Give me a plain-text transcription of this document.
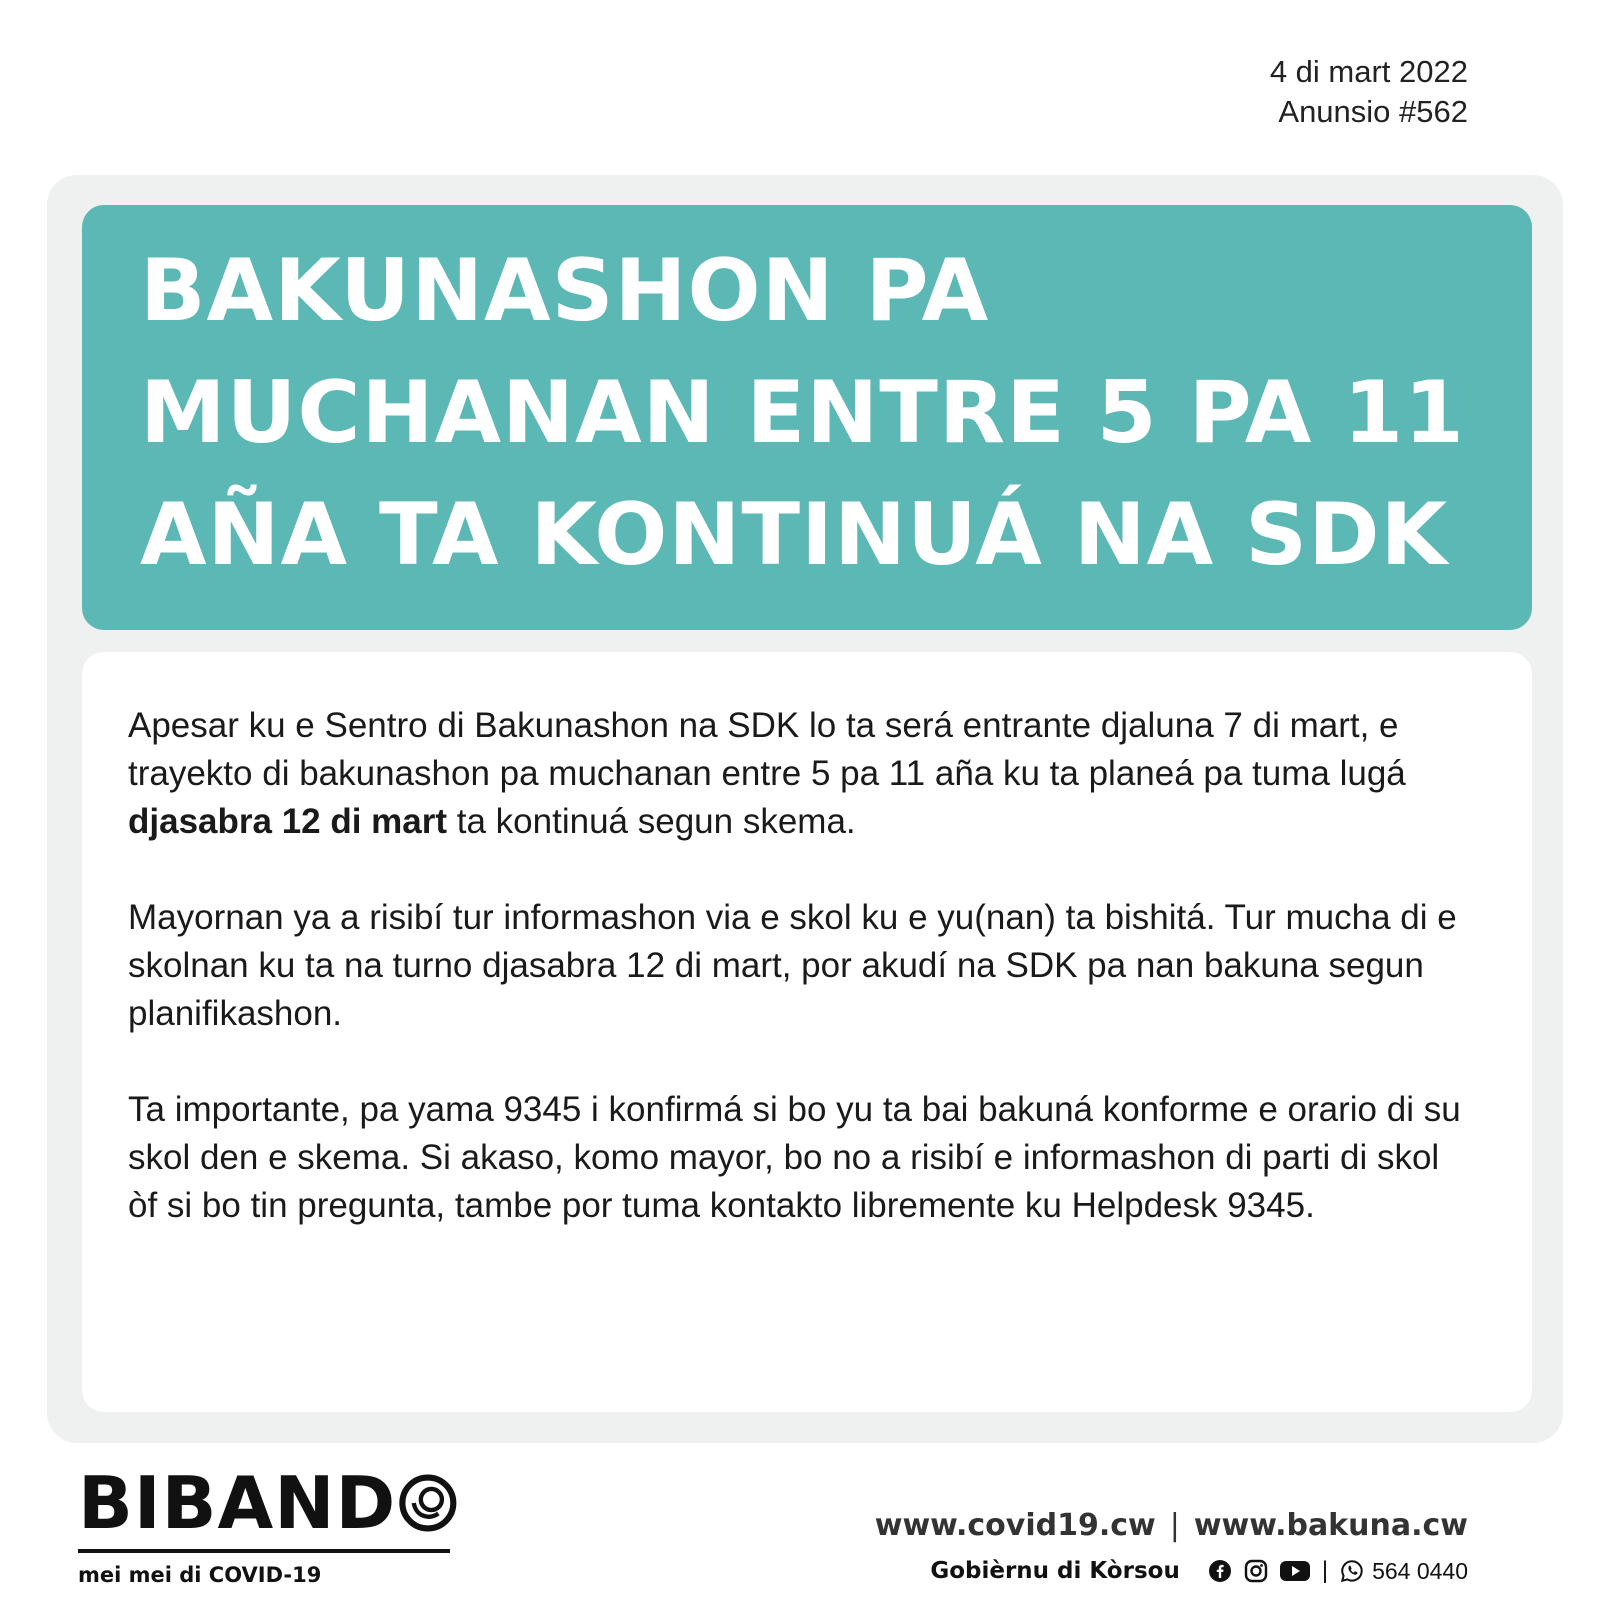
4 di mart 2022
Anunsio #562
BAKUNASHON PA
MUCHANAN ENTRE 5 PA 11
AÑA TA KONTINUÁ NA SDK

Apesar ku e Sentro di Bakunashon na SDK lo ta será entrante djaluna 7 di mart, e trayekto di bakunashon pa muchanan entre 5 pa 11 aña ku ta planeá pa tuma lugá djasabra 12 di mart ta kontinuá segun skema.

Mayornan ya a risibí tur informashon via e skol ku e yu(nan) ta bishitá. Tur mucha di e skolnan ku ta na turno djasabra 12 di mart, por akudí na SDK pa nan bakuna segun planifikashon.

Ta importante, pa yama 9345 i konfirmá si bo yu ta bai bakuná konforme e orario di su skol den e skema. Si akaso, komo mayor, bo no a risibí e informashon di parti di skol òf si bo tin pregunta, tambe por tuma kontakto libremente ku Helpdesk 9345.

BIBAND
mei mei di COVID-19
www.covid19.cw | www.bakuna.cw
Gobièrnu di Kòrsou	| 564 0440
